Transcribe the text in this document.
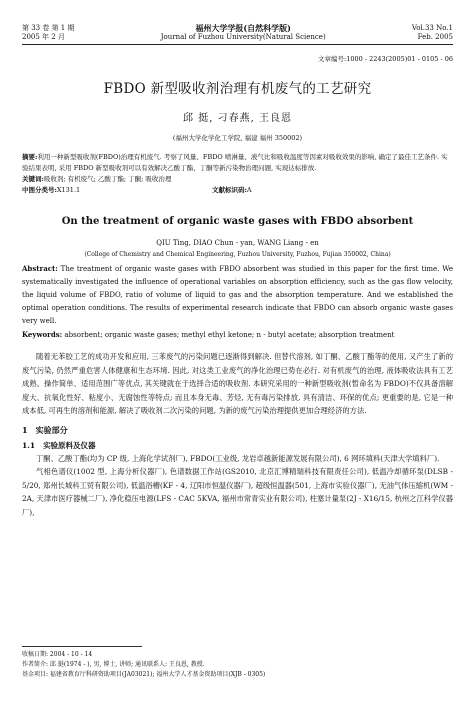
第 33 卷 第 1 期
2005 年 2 月
福州大学学报(自然科学版)
Journal of Fuzhou University(Natural Science)
Vol.33 No.1
Feb. 2005
文章编号:1000 - 2243(2005)01 - 0105 - 06
FBDO 新型吸收剂治理有机废气的工艺研究
邱 挺, 刁春燕, 王良恩
(福州大学化学化工学院, 福建 福州 350002)

摘要:利用一种新型吸收剂(FBDO)治理有机废气. 考察了风量、FBDO 喷淋量、液气比和吸收温度等因素对吸收效果的影响, 确定了最佳工艺条件. 实验结果表明, 采用 FBDO 新型吸收剂可以有效解决乙酸丁酯、丁酮等新污染物治理问题, 实现达标排放.

关键词:吸收剂; 有机废气; 乙酸丁酯; 丁酮; 吸收治理

中图分类号:X131.1	文献标识码:A
On the treatment of organic waste gases with FBDO absorbent
QIU Ting, DIAO Chun - yan, WANG Liang - en
(College of Chemistry and Chemical Engineering, Fuzhou University, Fuzhou, Fujian 350002, China)

Abstract: The treatment of organic waste gases with FBDO absorbent was studied in this paper for the first time. We systematically investigated the influence of operational variables on absorption efficiency, such as the gas flow velocity, the liquid volume of FBDO, ratio of volume of liquid to gas and the absorption temperature. And we established the optimal operation conditions. The results of experimental research indicate that FBDO can absorb organic waste gases very well.

Keywords: absorbent; organic waste gases; methyl ethyl ketone; n - butyl acetate; absorption treatment

随着无苯胶工艺的成功开发和应用, 三苯废气的污染问题已逐渐得到解决. 但替代溶剂, 如丁酮、乙酸丁酯等的使用, 又产生了新的废气污染, 仍然严重危害人体健康和生态环境. 因此, 对这类工业废气的净化治理已势在必行. 对有机废气的治理, 液体吸收法具有工艺成熟、操作简单、适用范围广等优点, 其关键就在于选择合适的吸收剂. 本研究采用的一种新型吸收剂(暂命名为 FBDO)不仅具备溶解度大、抗氧化性好、粘度小、无腐蚀性等特点; 而且本身无毒、芳烃, 无有毒污染排放, 具有清洁、环保的优点; 更重要的是, 它是一种成本低, 可再生的溶剂和能源, 解决了吸收剂二次污染的问题, 为新的废气污染治理提供更加合理经济的方法.

1 实验部分
1.1 实验原料及仪器

丁酮、乙酸丁酯(均为 CP 级, 上海化学试剂厂), FBDO(工业级, 龙岩卓越新能源发展有限公司), 6 网环填料(天津大学填料厂).

气相色谱仪(1002 型, 上海分析仪器厂), 色谱数据工作站(GS2010, 北京汇博精瑞科技有限责任公司), 低温冷却循环泵(DLSB - 5/20, 郑州长城科工贸有限公司), 低温浴槽(KF - 4, 辽阳市恒温仪器厂), 超级恒温器(501, 上海市实验仪器厂), 无油气体压缩机(WM - 2A, 天津市医疗器械二厂), 净化稳压电源(LFS - CAC 5KVA, 福州市常青实业有限公司), 柱塞计量泵(2J - X16/15, 杭州之江科学仪器厂),

收稿日期: 2004 - 10 - 14

作者简介: 邱 挺(1974 - ), 男, 博士, 讲师; 通讯联系人: 王良恩, 教授.

基金项目: 福建省教育厅科研资助项目(JA03021); 福州大学人才基金资助项目(XJB - 0305)
